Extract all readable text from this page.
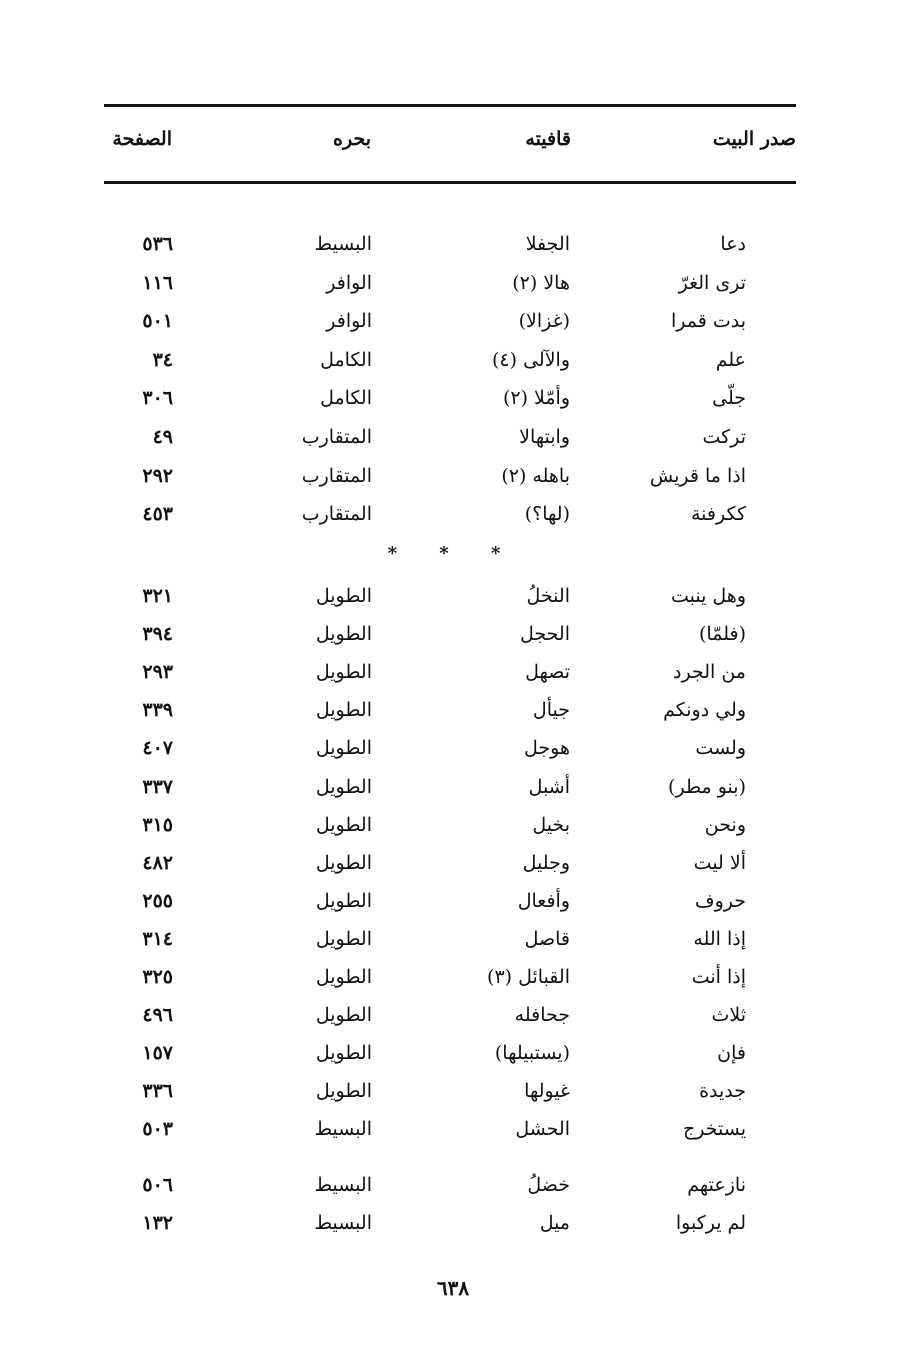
صدر البيت
قافيته
بحره
الصفحة
دعا
الجفلا
البسيط
٥٣٦
ترى الغرّ
هالا (٢)
الوافر
١١٦
بدت قمرا
(غزالا)
الوافر
٥٠١
علم
والآلى (٤)
الكامل
٣٤
جلّى
وأمّلا (٢)
الكامل
٣٠٦
تركت
وابتهالا
المتقارب
٤٩
اذا ما قريش
باهله (٢)
المتقارب
٢٩٢
ككرفنة
(لها؟)
المتقارب
٤٥٣
وهل ينبت
النخلُ
الطويل
٣٢١
(فلمّا)
الحجل
الطويل
٣٩٤
من الجرد
تصهل
الطويل
٢٩٣
ولي دونكم
جيأل
الطويل
٣٣٩
ولست
هوجل
الطويل
٤٠٧
(بنو مطر)
أشبل
الطويل
٣٣٧
ونحن
بخيل
الطويل
٣١٥
ألا ليت
وجليل
الطويل
٤٨٢
حروف
وأفعال
الطويل
٢٥٥
إذا الله
قاصل
الطويل
٣١٤
إذا أنت
القبائل (٣)
الطويل
٣٢٥
ثلاث
جحافله
الطويل
٤٩٦
فإن
(يستبيلها)
الطويل
١٥٧
جديدة
غيولها
الطويل
٣٣٦
يستخرج
الحشل
البسيط
٥٠٣
نازعتهم
خضلُ
البسيط
٥٠٦
لم يركبوا
ميل
البسيط
١٣٢
* * *
٦٣٨
